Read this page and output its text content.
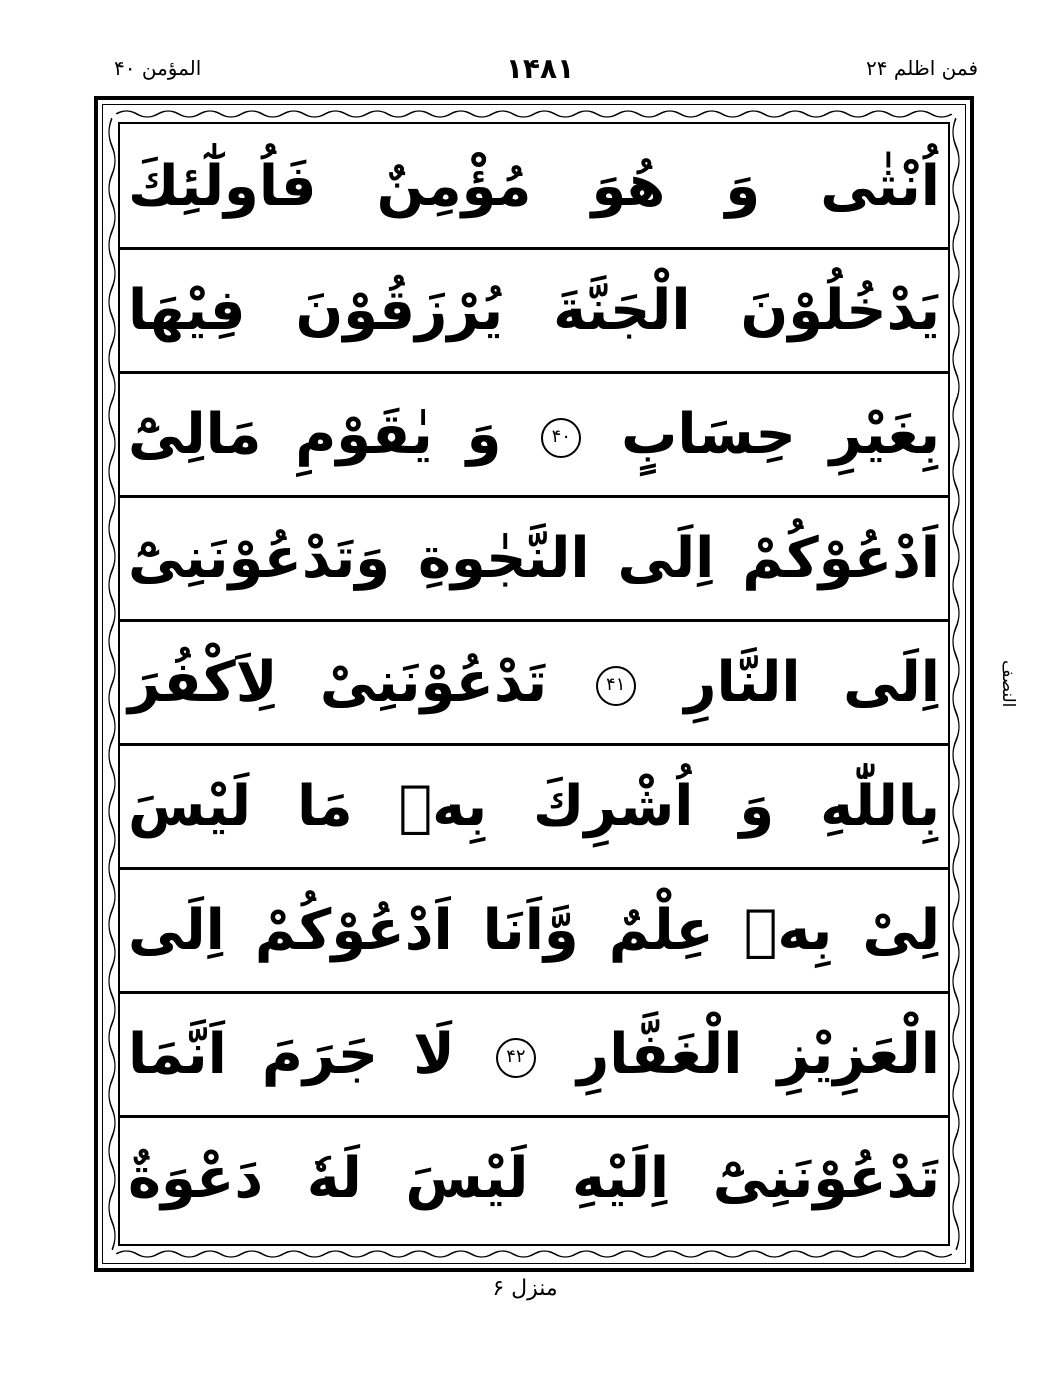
المؤمن ۴۰	۱۴۸۱	فمن اظلم ۲۴
اُنْثٰی وَ هُوَ مُؤْمِنٌ فَاُولٰٓئِكَ
يَدْخُلُوْنَ الْجَنَّةَ يُرْزَقُوْنَ فِيْهَا
بِغَيْرِ حِسَابٍ ۴۰ وَ يٰقَوْمِ مَالِیْٓ
اَدْعُوْكُمْ اِلَى النَّجٰوةِ وَتَدْعُوْنَنِیْٓ
اِلَى النَّارِ ۴۱ تَدْعُوْنَنِیْ لِاَكْفُرَ
بِاللّٰهِ وَ اُشْرِكَ بِهٖ مَا لَيْسَ
لِیْ بِهٖ عِلْمٌ وَّاَنَا اَدْعُوْكُمْ اِلَى
الْعَزِيْزِ الْغَفَّارِ ۴۲ لَا جَرَمَ اَنَّمَا
تَدْعُوْنَنِیْٓ اِلَيْهِ لَيْسَ لَهٗ دَعْوَةٌ
النصف
منزل ۶
